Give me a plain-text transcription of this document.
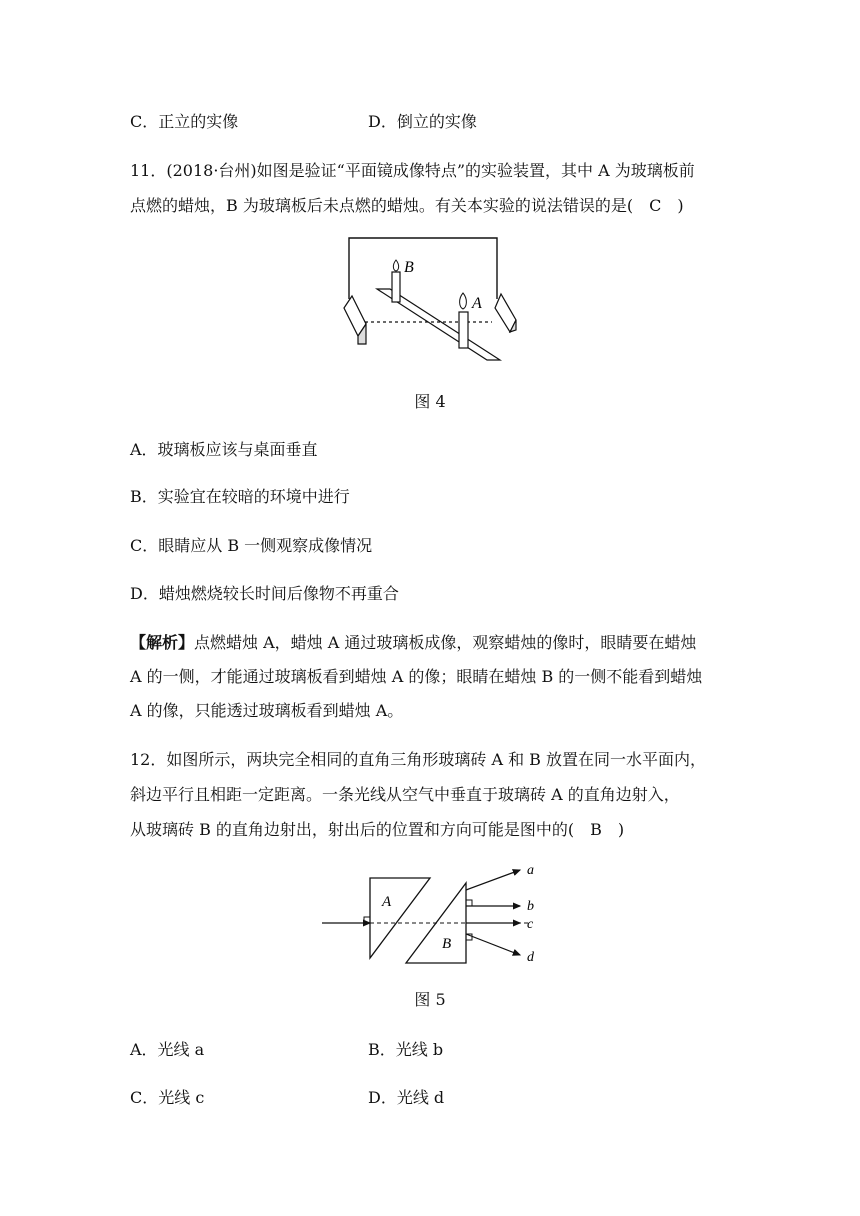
C．正立的实像	D．倒立的实像
11．(2018·台州)如图是验证“平面镜成像特点”的实验装置，其中 A 为玻璃板前
点燃的蜡烛，B 为玻璃板后未点燃的蜡烛。有关本实验的说法错误的是(　C　)
B
A
图 4
A．玻璃板应该与桌面垂直
B．实验宜在较暗的环境中进行
C．眼睛应从 B 一侧观察成像情况
D．蜡烛燃烧较长时间后像物不再重合
【解析】点燃蜡烛 A，蜡烛 A 通过玻璃板成像，观察蜡烛的像时，眼睛要在蜡烛
A 的一侧，才能通过玻璃板看到蜡烛 A 的像；眼睛在蜡烛 B 的一侧不能看到蜡烛
A 的像，只能透过玻璃板看到蜡烛 A。
12．如图所示，两块完全相同的直角三角形玻璃砖 A 和 B 放置在同一水平面内，
斜边平行且相距一定距离。一条光线从空气中垂直于玻璃砖 A 的直角边射入，
从玻璃砖 B 的直角边射出，射出后的位置和方向可能是图中的(　B　)
A
B
a
b
c
d
图 5
A．光线 a	B．光线 b
C．光线 c	D．光线 d
